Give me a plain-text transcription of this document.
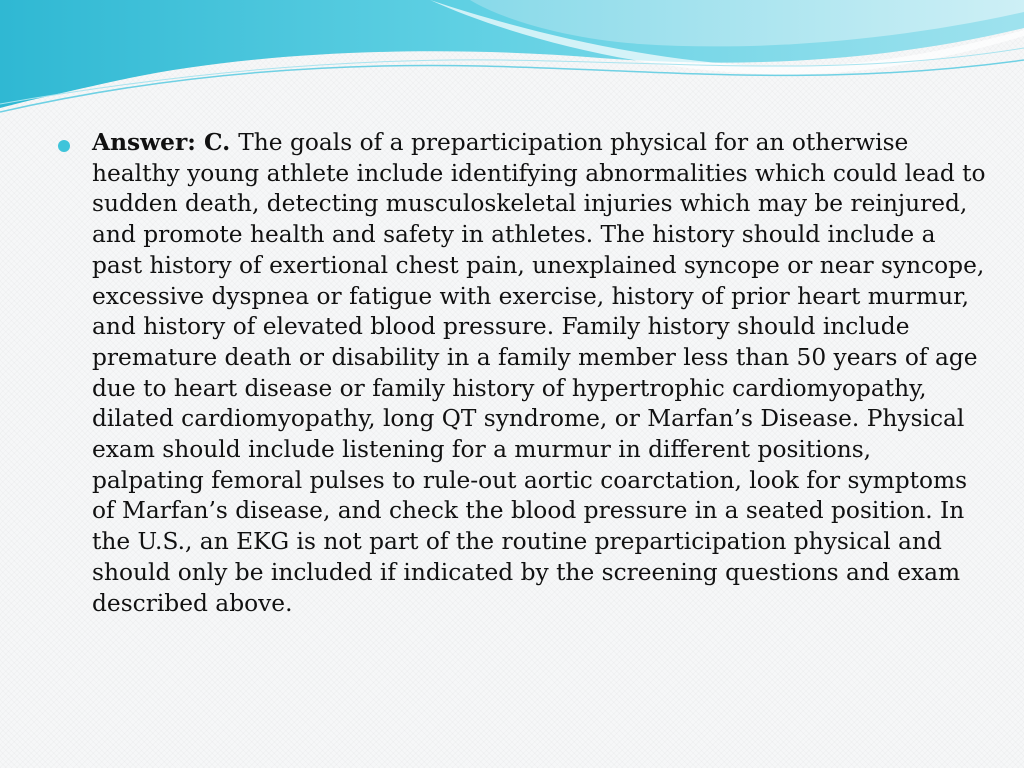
Answer: C. The goals of a preparticipation physical for an otherwise healthy young athlete include identifying abnormalities which could lead to sudden death, detecting musculoskeletal injuries which may be reinjured, and promote health and safety in athletes. The history should include a past history of exertional chest pain, unexplained syncope or near syncope, excessive dyspnea or fatigue with exercise, history of prior heart murmur, and history of elevated blood pressure. Family history should include premature death or disability in a family member less than 50 years of age due to heart disease or family history of hypertrophic cardiomyopathy, dilated cardiomyopathy, long QT syndrome, or Marfan’s Disease. Physical exam should include listening for a murmur in different positions, palpating femoral pulses to rule-out aortic coarctation, look for symptoms of Marfan’s disease, and check the blood pressure in a seated position. In the U.S., an EKG is not part of the routine preparticipation physical and should only be included if indicated by the screening questions and exam described above.
